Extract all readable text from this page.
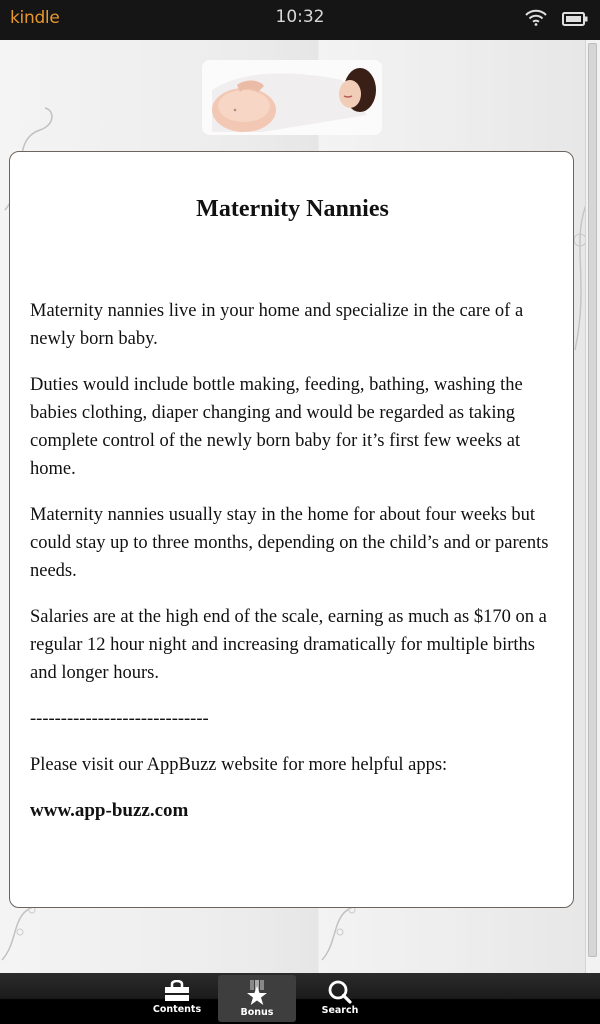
kindle	10:32
Maternity Nannies

Maternity nannies live in your home and specialize in the care of a newly born baby.

Duties would include bottle making, feeding, bathing, washing the babies clothing, diaper changing and would be regarded as taking complete control of the newly born baby for it’s first few weeks at home.

Maternity nannies usually stay in the home for about four weeks but could stay up to three months, depending on the child’s and or parents needs.

Salaries are at the high end of the scale, earning as much as $170 on a regular 12 hour night and increasing dramatically for multiple births and longer hours.

-----------------------------

Please visit our AppBuzz website for more helpful apps:

www.app-buzz.com

Contents	Bonus	Search
